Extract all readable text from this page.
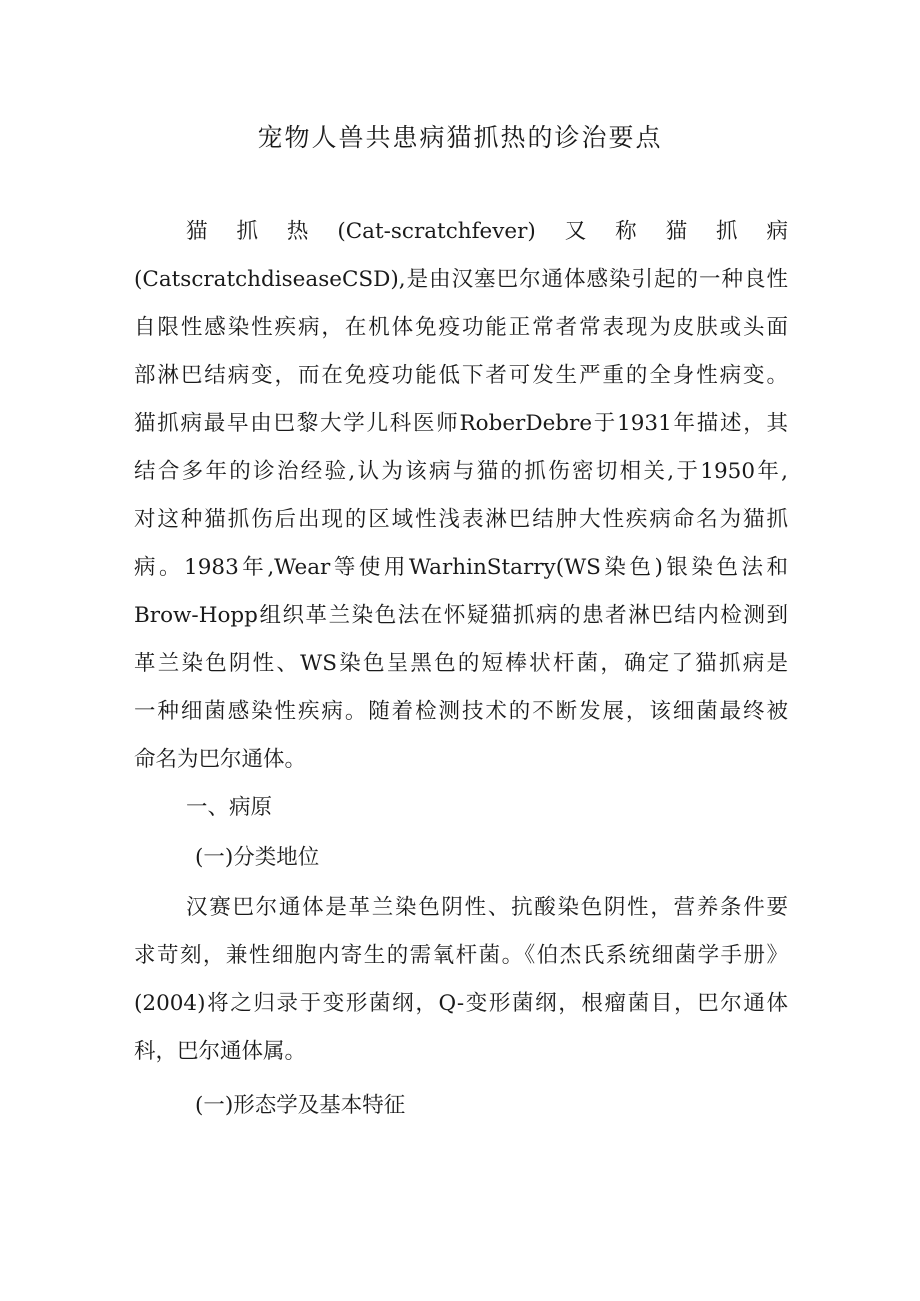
宠物人兽共患病猫抓热的诊治要点
猫　抓　热　(Cat-scratchfever)　又　称　猫　抓　病
(CatscratchdiseaseCSD),是由汉塞巴尔通体感染引起的一种良性
自限性感染性疾病，在机体免疫功能正常者常表现为皮肤或头面
部淋巴结病变，而在免疫功能低下者可发生严重的全身性病变。
猫抓病最早由巴黎大学儿科医师RoberDebre于1931年描述，其
结合多年的诊治经验,认为该病与猫的抓伤密切相关,于1950年,
对这种猫抓伤后出现的区域性浅表淋巴结肿大性疾病命名为猫抓
病。1983年,Wear等使用WarhinStarry(WS染色)银染色法和
Brow-Hopp组织革兰染色法在怀疑猫抓病的患者淋巴结内检测到
革兰染色阴性、WS染色呈黑色的短棒状杆菌，确定了猫抓病是
一种细菌感染性疾病。随着检测技术的不断发展，该细菌最终被
命名为巴尔通体。
一、病原
(一)分类地位
汉赛巴尔通体是革兰染色阴性、抗酸染色阴性，营养条件要
求苛刻，兼性细胞内寄生的需氧杆菌。《伯杰氏系统细菌学手册》
(2004)将之归录于变形菌纲，Q-变形菌纲，根瘤菌目，巴尔通体
科，巴尔通体属。
(一)形态学及基本特征
